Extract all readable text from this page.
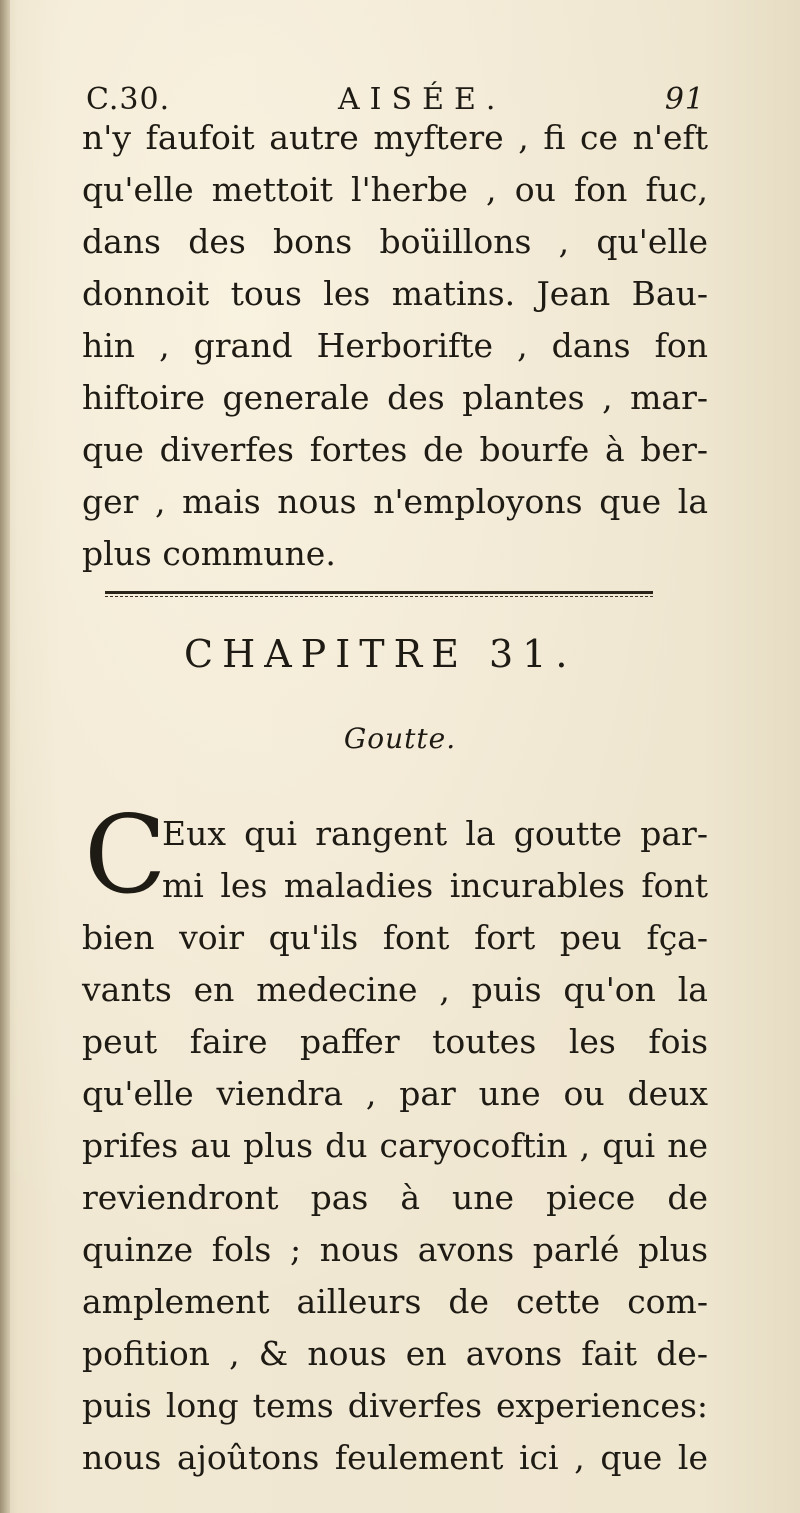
C.30.	AISÉE.	91
n'y faufoit autre myftere , fi ce n'eft
qu'elle mettoit l'herbe , ou fon fuc,
dans des bons boüillons , qu'elle
donnoit tous les matins. Jean Bau-
hin , grand Herborifte , dans fon
hiftoire generale des plantes , mar-
que diverfes fortes de bourfe à ber-
ger , mais nous n'employons que la
plus commune.
CHAPITRE 31.
Goutte.
C
Eux qui rangent la goutte par-
mi les maladies incurables font
bien voir qu'ils font fort peu fça-
vants en medecine , puis qu'on la
peut faire paffer toutes les fois
qu'elle viendra , par une ou deux
prifes au plus du caryocoftin , qui ne
reviendront pas à une piece de
quinze fols ; nous avons parlé plus
amplement ailleurs de cette com-
pofition , & nous en avons fait de-
puis long tems diverfes experiences:
nous ajoûtons feulement ici , que le
